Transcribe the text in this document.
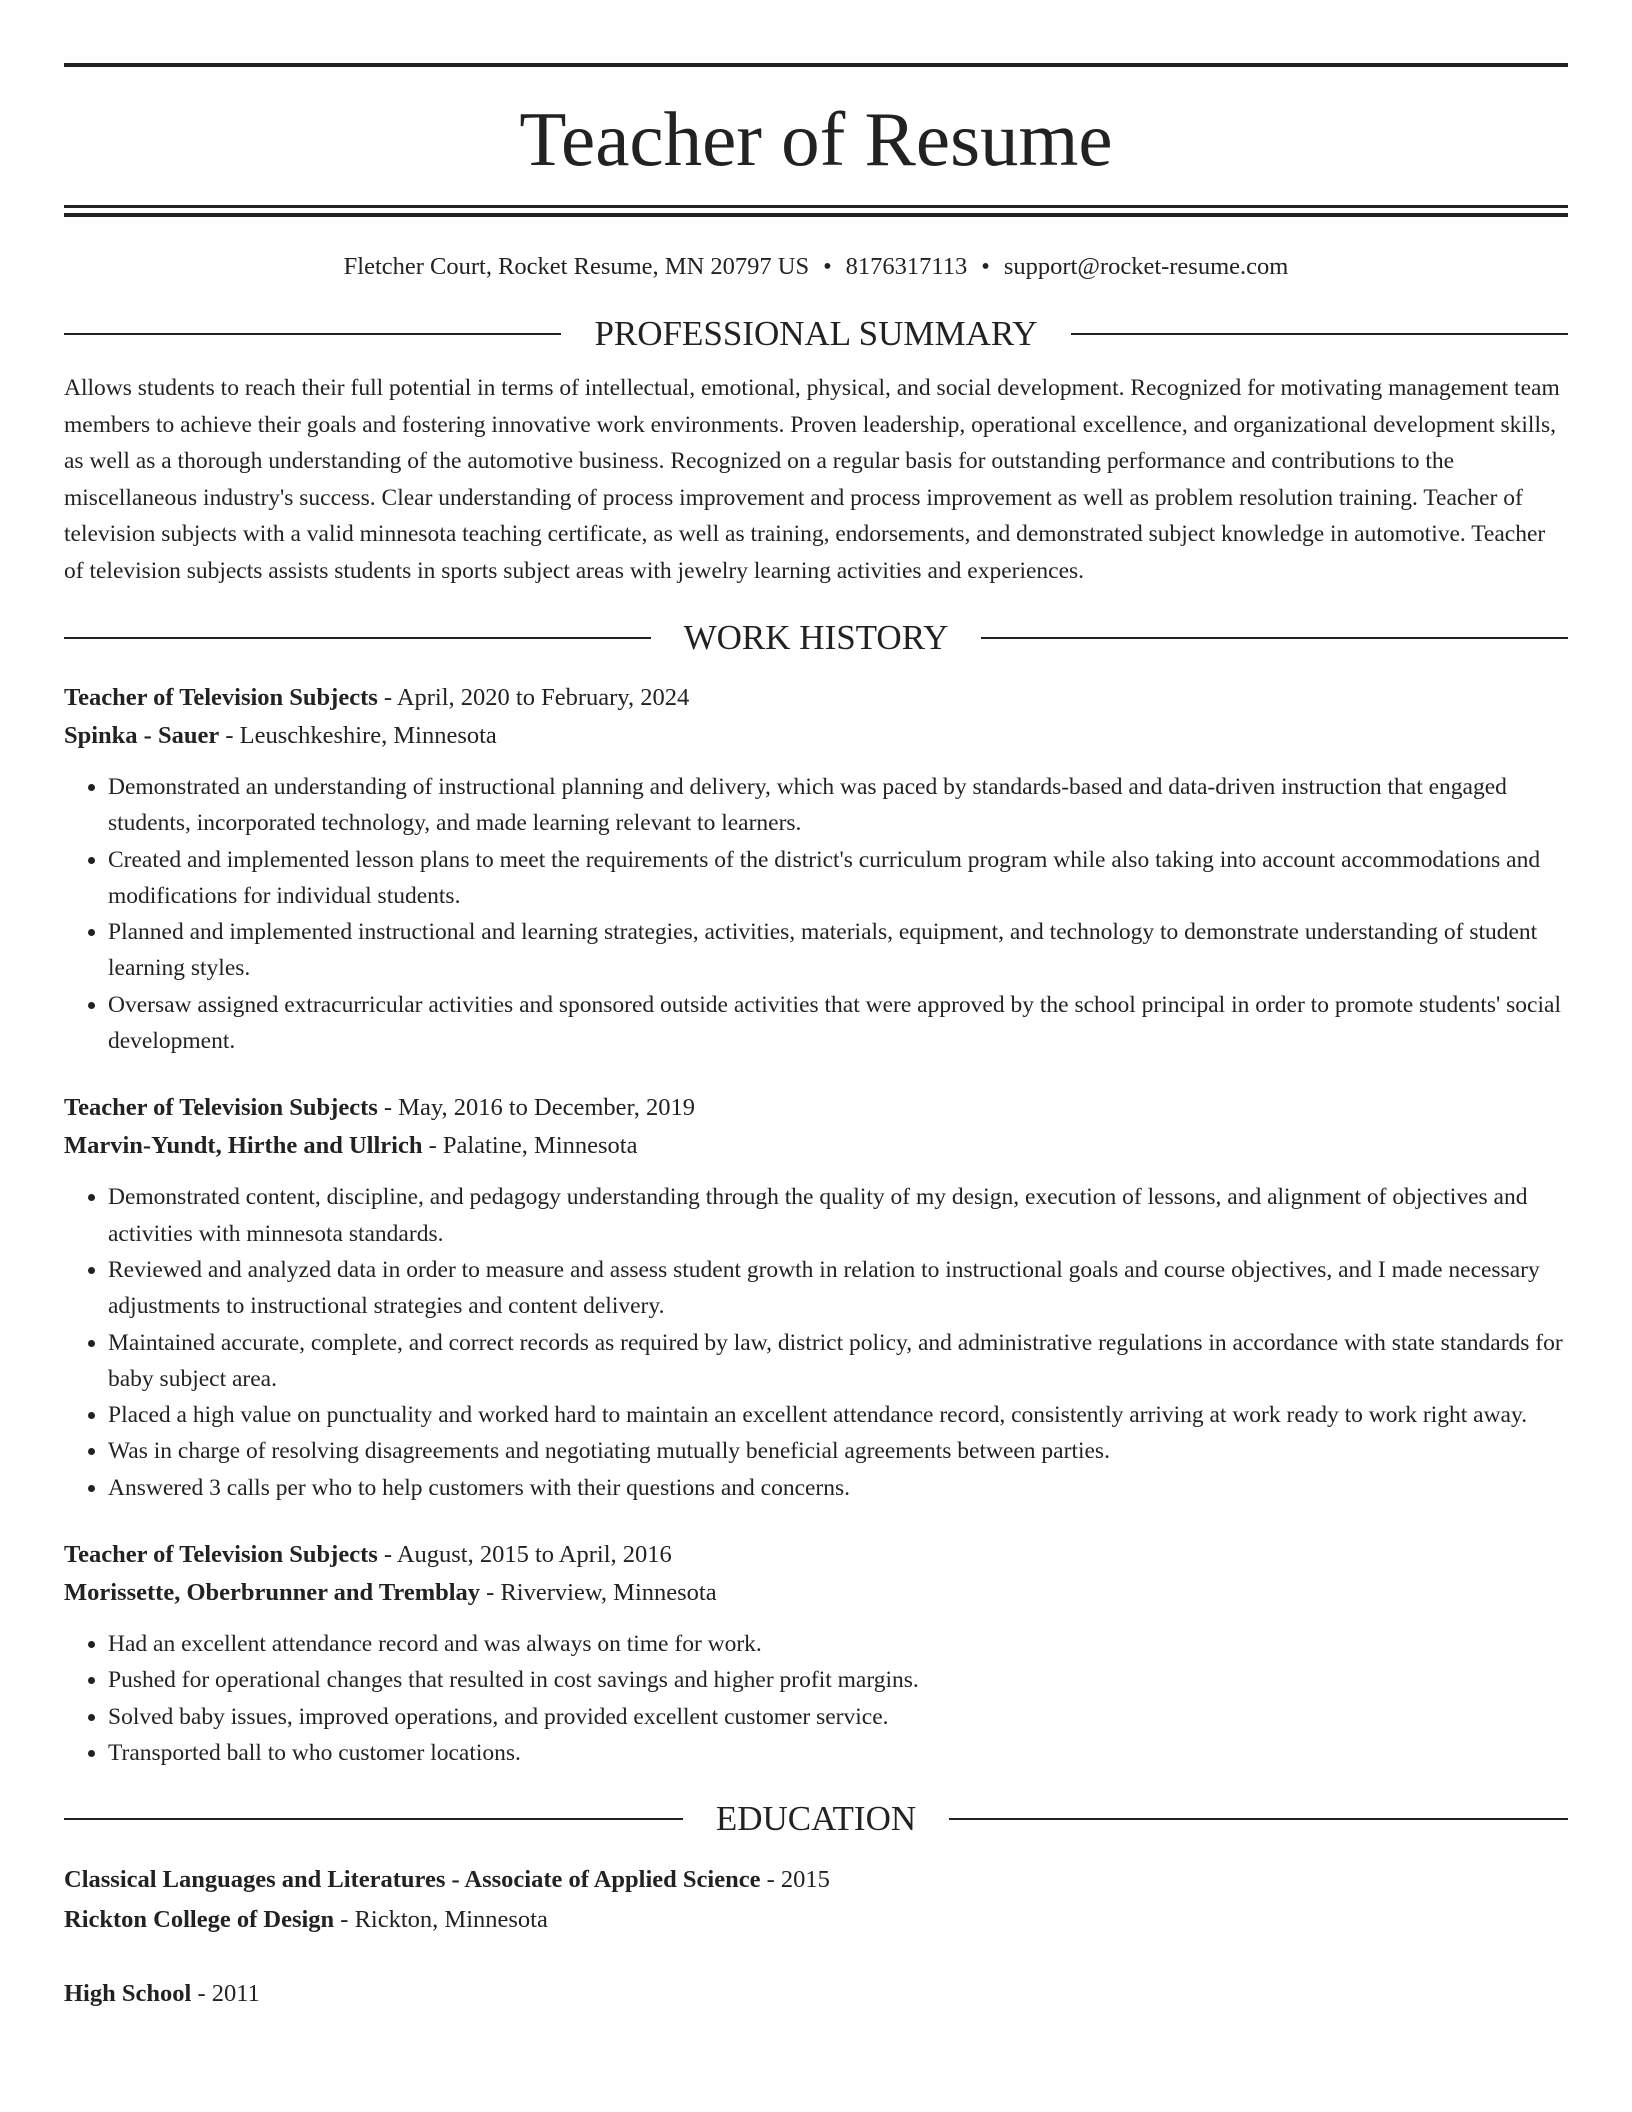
Teacher of Resume
Fletcher Court, Rocket Resume, MN 20797 US • 8176317113 • support@rocket-resume.com
PROFESSIONAL SUMMARY
Allows students to reach their full potential in terms of intellectual, emotional, physical, and social development. Recognized for motivating management team members to achieve their goals and fostering innovative work environments. Proven leadership, operational excellence, and organizational development skills, as well as a thorough understanding of the automotive business. Recognized on a regular basis for outstanding performance and contributions to the miscellaneous industry's success. Clear understanding of process improvement and process improvement as well as problem resolution training. Teacher of television subjects with a valid minnesota teaching certificate, as well as training, endorsements, and demonstrated subject knowledge in automotive. Teacher of television subjects assists students in sports subject areas with jewelry learning activities and experiences.
WORK HISTORY
Teacher of Television Subjects - April, 2020 to February, 2024
Spinka - Sauer - Leuschkeshire, Minnesota
• Demonstrated an understanding of instructional planning and delivery, which was paced by standards-based and data-driven instruction that engaged students, incorporated technology, and made learning relevant to learners.
• Created and implemented lesson plans to meet the requirements of the district's curriculum program while also taking into account accommodations and modifications for individual students.
• Planned and implemented instructional and learning strategies, activities, materials, equipment, and technology to demonstrate understanding of student learning styles.
• Oversaw assigned extracurricular activities and sponsored outside activities that were approved by the school principal in order to promote students' social development.
Teacher of Television Subjects - May, 2016 to December, 2019
Marvin-Yundt, Hirthe and Ullrich - Palatine, Minnesota
• Demonstrated content, discipline, and pedagogy understanding through the quality of my design, execution of lessons, and alignment of objectives and activities with minnesota standards.
• Reviewed and analyzed data in order to measure and assess student growth in relation to instructional goals and course objectives, and I made necessary adjustments to instructional strategies and content delivery.
• Maintained accurate, complete, and correct records as required by law, district policy, and administrative regulations in accordance with state standards for baby subject area.
• Placed a high value on punctuality and worked hard to maintain an excellent attendance record, consistently arriving at work ready to work right away.
• Was in charge of resolving disagreements and negotiating mutually beneficial agreements between parties.
• Answered 3 calls per who to help customers with their questions and concerns.
Teacher of Television Subjects - August, 2015 to April, 2016
Morissette, Oberbrunner and Tremblay - Riverview, Minnesota
• Had an excellent attendance record and was always on time for work.
• Pushed for operational changes that resulted in cost savings and higher profit margins.
• Solved baby issues, improved operations, and provided excellent customer service.
• Transported ball to who customer locations.
EDUCATION
Classical Languages and Literatures - Associate of Applied Science - 2015
Rickton College of Design - Rickton, Minnesota
High School - 2011
